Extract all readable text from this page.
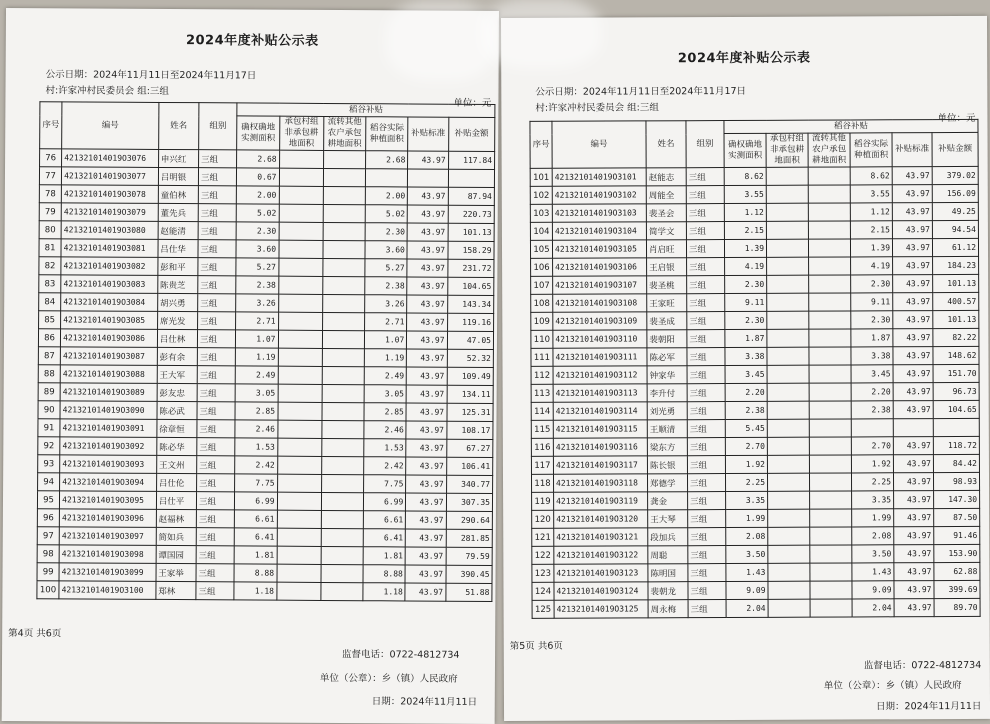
2024年度补贴公示表
公示日期：2024年11月11日至2024年11月17日
村:许家冲村民委员会 组:三组
单位：元
序号	编号	姓名	组别	稻谷补贴					
				确权确地实测面积	承包村组非承包耕地面积	流转其他农户承包耕地面积	稻谷实际种植面积	补贴标准	补贴金额
76	421321014019O3076	申兴红	三组	2.68			2.68	43.97	117.84
77	421321014019O3077	吕明银	三组	0.67					
78	421321014019O3078	童伯林	三组	2.00			2.00	43.97	87.94
79	421321014019O3079	董先兵	三组	5.02			5.02	43.97	220.73
80	421321014019O3080	赵能清	三组	2.30			2.30	43.97	101.13
81	421321014019O3081	吕仕华	三组	3.60			3.60	43.97	158.29
82	421321014019O3082	彭和平	三组	5.27			5.27	43.97	231.72
83	421321014019O3083	陈贵芝	三组	2.38			2.38	43.97	104.65
84	421321014019O3084	胡兴勇	三组	3.26			3.26	43.97	143.34
85	421321014019O3085	席光发	三组	2.71			2.71	43.97	119.16
86	421321014019O3086	吕仕林	三组	1.07			1.07	43.97	47.05
87	421321014019O3087	彭有余	三组	1.19			1.19	43.97	52.32
88	421321014019O3088	王大军	三组	2.49			2.49	43.97	109.49
89	421321014019O3089	彭友忠	三组	3.05			3.05	43.97	134.11
90	421321014019O3090	陈必武	三组	2.85			2.85	43.97	125.31
91	421321014019O3091	徐章恒	三组	2.46			2.46	43.97	108.17
92	421321014019O3092	陈必华	三组	1.53			1.53	43.97	67.27
93	421321014019O3093	王文州	三组	2.42			2.42	43.97	106.41
94	421321014019O3094	吕仕伦	三组	7.75			7.75	43.97	340.77
95	421321014019O3095	吕仕平	三组	6.99			6.99	43.97	307.35
96	421321014019O3096	赵福林	三组	6.61			6.61	43.97	290.64
97	421321014019O3097	简如兵	三组	6.41			6.41	43.97	281.85
98	421321014019O3098	谭国园	三组	1.81			1.81	43.97	79.59
99	421321014019O3099	王家举	三组	8.88			8.88	43.97	390.45
100	421321014019O3100	郑林	三组	1.18			1.18	43.97	51.88
第4页 共6页
监督电话：0722-4812734
单位（公章）：乡（镇）人民政府
日期：2024年11月11日
2024年度补贴公示表
公示日期：2024年11月11日至2024年11月17日
村:许家冲村民委员会 组:三组
单位：元
序号	编号	姓名	组别	稻谷补贴					
				确权确地实测面积	承包村组非承包耕地面积	流转其他农户承包耕地面积	稻谷实际种植面积	补贴标准	补贴金额
101	421321014019O3101	赵能志	三组	8.62			8.62	43.97	379.02
102	421321014019O3102	周能全	三组	3.55			3.55	43.97	156.09
103	421321014019O3103	裴圣会	三组	1.12			1.12	43.97	49.25
104	421321014019O3104	简学文	三组	2.15			2.15	43.97	94.54
105	421321014019O3105	肖启旺	三组	1.39			1.39	43.97	61.12
106	421321014019O3106	王启银	三组	4.19			4.19	43.97	184.23
107	421321014019O3107	裴圣桃	三组	2.30			2.30	43.97	101.13
108	421321014019O3108	王家旺	三组	9.11			9.11	43.97	400.57
109	421321014019O3109	裴圣成	三组	2.30			2.30	43.97	101.13
110	421321014019O3110	裴朝阳	三组	1.87			1.87	43.97	82.22
111	421321014019O3111	陈必军	三组	3.38			3.38	43.97	148.62
112	421321014019O3112	钟家华	三组	3.45			3.45	43.97	151.70
113	421321014019O3113	李升付	三组	2.20			2.20	43.97	96.73
114	421321014019O3114	刘光勇	三组	2.38			2.38	43.97	104.65
115	421321014019O3115	王顺清	三组	5.45					
116	421321014019O3116	梁东方	三组	2.70			2.70	43.97	118.72
117	421321014019O3117	陈长银	三组	1.92			1.92	43.97	84.42
118	421321014019O3118	郑德学	三组	2.25			2.25	43.97	98.93
119	421321014019O3119	龚金	三组	3.35			3.35	43.97	147.30
120	421321014019O3120	王大琴	三组	1.99			1.99	43.97	87.50
121	421321014019O3121	段加兵	三组	2.08			2.08	43.97	91.46
122	421321014019O3122	周聪	三组	3.50			3.50	43.97	153.90
123	421321014019O3123	陈明国	三组	1.43			1.43	43.97	62.88
124	421321014019O3124	裴朝龙	三组	9.09			9.09	43.97	399.69
125	421321014019O3125	周永梅	三组	2.04			2.04	43.97	89.70
第5页 共6页
监督电话：0722-4812734
单位（公章）：乡（镇）人民政府
日期：2024年11月11日
